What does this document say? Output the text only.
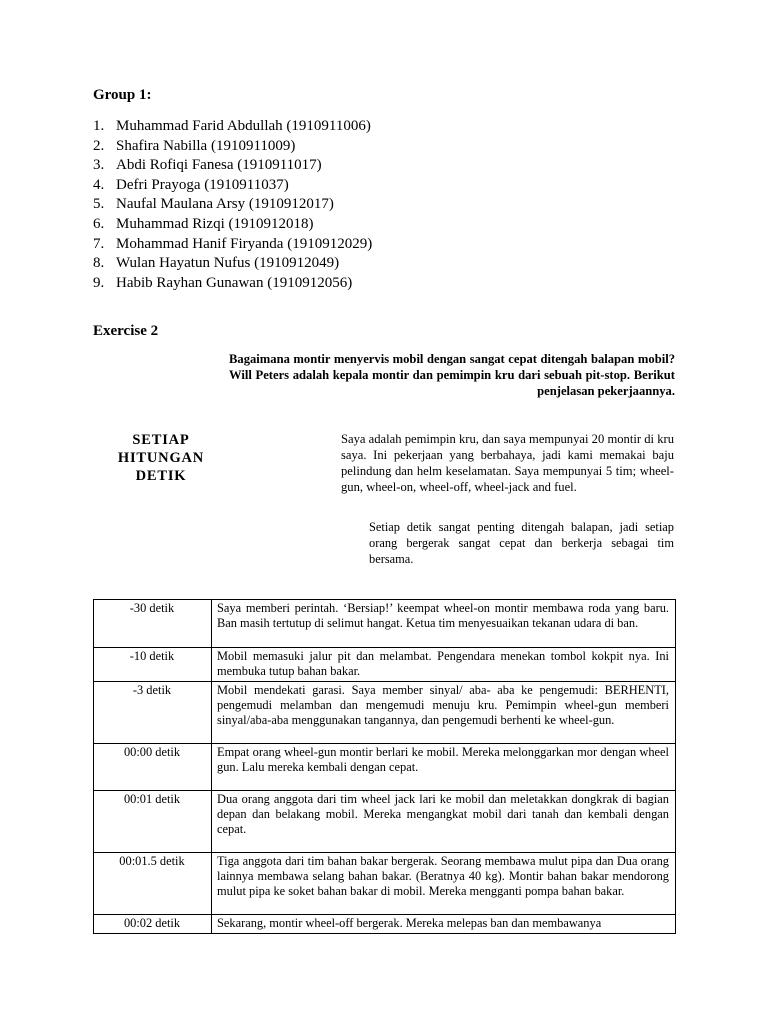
Group 1:
1. Muhammad Farid Abdullah (1910911006)
2. Shafira Nabilla (1910911009)
3. Abdi Rofiqi Fanesa (1910911017)
4. Defri Prayoga (1910911037)
5. Naufal Maulana Arsy (1910912017)
6. Muhammad Rizqi (1910912018)
7. Mohammad Hanif Firyanda (1910912029)
8. Wulan Hayatun Nufus (1910912049)
9. Habib Rayhan Gunawan (1910912056)
Exercise 2

Bagaimana montir menyervis mobil dengan sangat cepat ditengah balapan mobil? Will Peters adalah kepala montir dan pemimpin kru dari sebuah pit-stop. Berikut penjelasan pekerjaannya.

SETIAP
HITUNGAN
DETIK

Saya adalah pemimpin kru, dan saya mempunyai 20 montir di kru saya. Ini pekerjaan yang berbahaya, jadi kami memakai baju pelindung dan helm keselamatan. Saya mempunyai 5 tim; wheel-gun, wheel-on, wheel-off, wheel-jack and fuel.

Setiap detik sangat penting ditengah balapan, jadi setiap orang bergerak sangat cepat dan berkerja sebagai tim bersama.

-30 detik	Saya memberi perintah. ‘Bersiap!’ keempat wheel-on montir membawa roda yang baru. Ban masih tertutup di selimut hangat. Ketua tim menyesuaikan tekanan udara di ban.
-10 detik	Mobil memasuki jalur pit dan melambat. Pengendara menekan tombol kokpit nya. Ini membuka tutup bahan bakar.
-3 detik	Mobil mendekati garasi. Saya member sinyal/ aba- aba ke pengemudi: BERHENTI, pengemudi melamban dan mengemudi menuju kru. Pemimpin wheel-gun memberi sinyal/aba-aba menggunakan tangannya, dan pengemudi berhenti ke wheel-gun.
00:00 detik	Empat orang wheel-gun montir berlari ke mobil. Mereka melonggarkan mor dengan wheel gun. Lalu mereka kembali dengan cepat.
00:01 detik	Dua orang anggota dari tim wheel jack lari ke mobil dan meletakkan dongkrak di bagian depan dan belakang mobil. Mereka mengangkat mobil dari tanah dan kembali dengan cepat.
00:01.5 detik	Tiga anggota dari tim bahan bakar bergerak. Seorang membawa mulut pipa dan Dua orang lainnya membawa selang bahan bakar. (Beratnya 40 kg). Montir bahan bakar mendorong mulut pipa ke soket bahan bakar di mobil. Mereka mengganti pompa bahan bakar.
00:02 detik	Sekarang, montir wheel-off bergerak. Mereka melepas ban dan membawanya
